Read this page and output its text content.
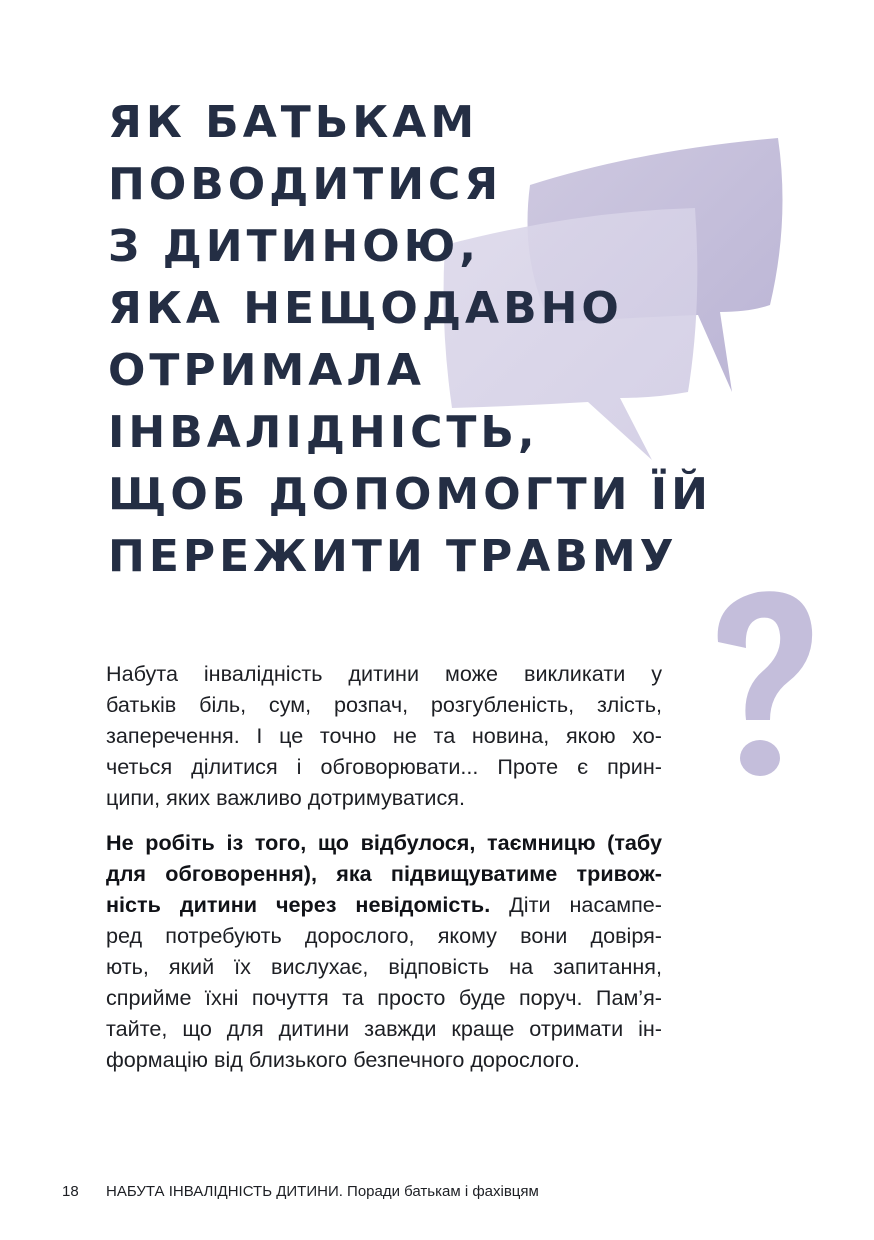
ЯК БАТЬКАМ
ПОВОДИТИСЯ
З ДИТИНОЮ,
ЯКА НЕЩОДАВНО
ОТРИМАЛА
ІНВАЛІДНІСТЬ,
ЩОБ ДОПОМОГТИ ЇЙ
ПЕРЕЖИТИ ТРАВМУ

Набута інвалідність дитини може викликати у
батьків біль, сум, розпач, розгубленість, злість,
заперечення. І це точно не та новина, якою хо-
четься ділитися і обговорювати... Проте є прин-
ципи, яких важливо дотримуватися.

Не робіть із того, що відбулося, таємницю (табу
для обговорення), яка підвищуватиме тривож-
ність дитини через невідомість. Діти насампе-
ред потребують дорослого, якому вони довіря-
ють, який їх вислухає, відповість на запитання,
сприйме їхні почуття та просто буде поруч. Пам’я-
тайте, що для дитини завжди краще отримати ін-
формацію від близького безпечного дорослого.

18 НАБУТА ІНВАЛІДНІСТЬ ДИТИНИ. Поради батькам і фахівцям
